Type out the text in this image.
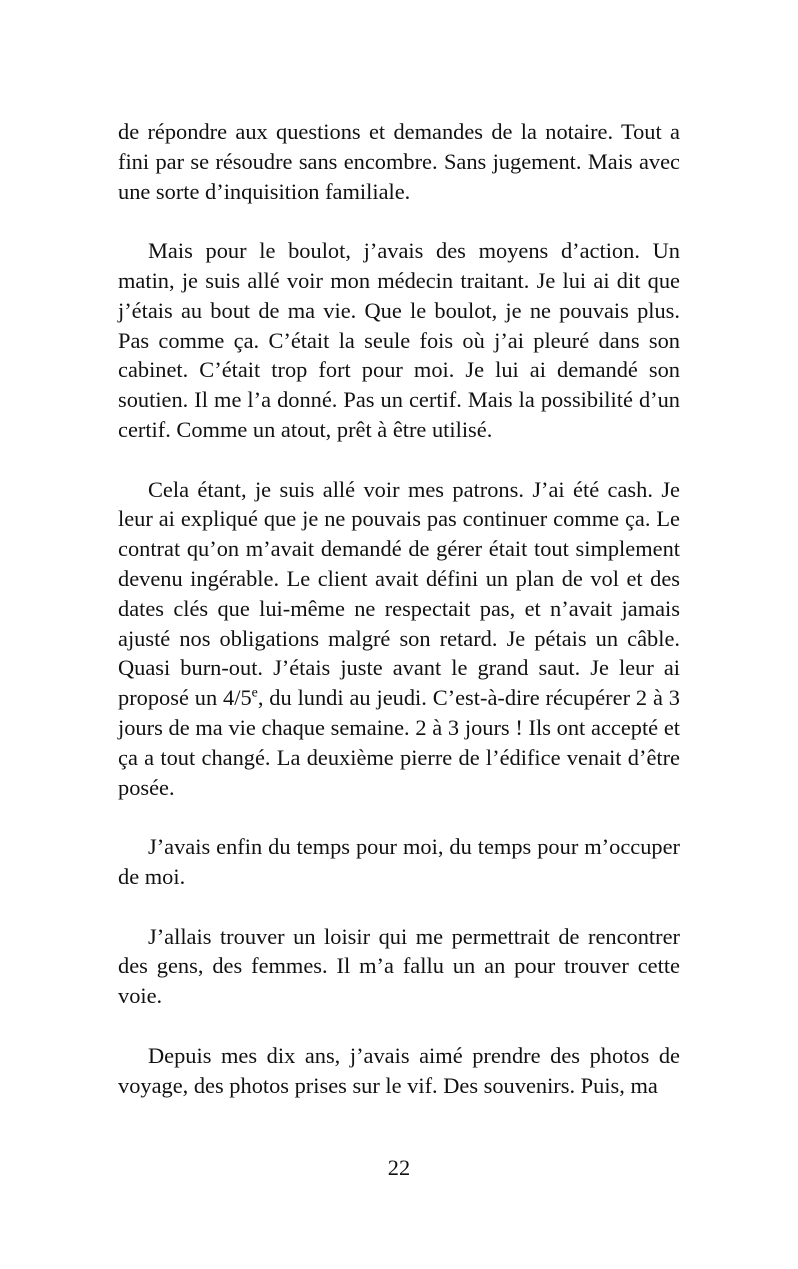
de répondre aux questions et demandes de la notaire. Tout a fini par se résoudre sans encombre. Sans jugement. Mais avec une sorte d’inquisition familiale.

Mais pour le boulot, j’avais des moyens d’action. Un matin, je suis allé voir mon médecin traitant. Je lui ai dit que j’étais au bout de ma vie. Que le boulot, je ne pouvais plus. Pas comme ça. C’était la seule fois où j’ai pleuré dans son cabinet. C’était trop fort pour moi. Je lui ai demandé son soutien. Il me l’a donné. Pas un certif. Mais la possibilité d’un certif. Comme un atout, prêt à être utilisé.

Cela étant, je suis allé voir mes patrons. J’ai été cash. Je leur ai expliqué que je ne pouvais pas continuer comme ça. Le contrat qu’on m’avait demandé de gérer était tout simplement devenu ingérable. Le client avait défini un plan de vol et des dates clés que lui-même ne respectait pas, et n’avait jamais ajusté nos obligations malgré son retard. Je pétais un câble. Quasi burn-out. J’étais juste avant le grand saut. Je leur ai proposé un 4/5e, du lundi au jeudi. C’est-à-dire récupérer 2 à 3 jours de ma vie chaque semaine. 2 à 3 jours ! Ils ont accepté et ça a tout changé. La deuxième pierre de l’édifice venait d’être posée.

J’avais enfin du temps pour moi, du temps pour m’occuper de moi.

J’allais trouver un loisir qui me permettrait de rencontrer des gens, des femmes. Il m’a fallu un an pour trouver cette voie.

Depuis mes dix ans, j’avais aimé prendre des photos de voyage, des photos prises sur le vif. Des souvenirs. Puis, ma

22
